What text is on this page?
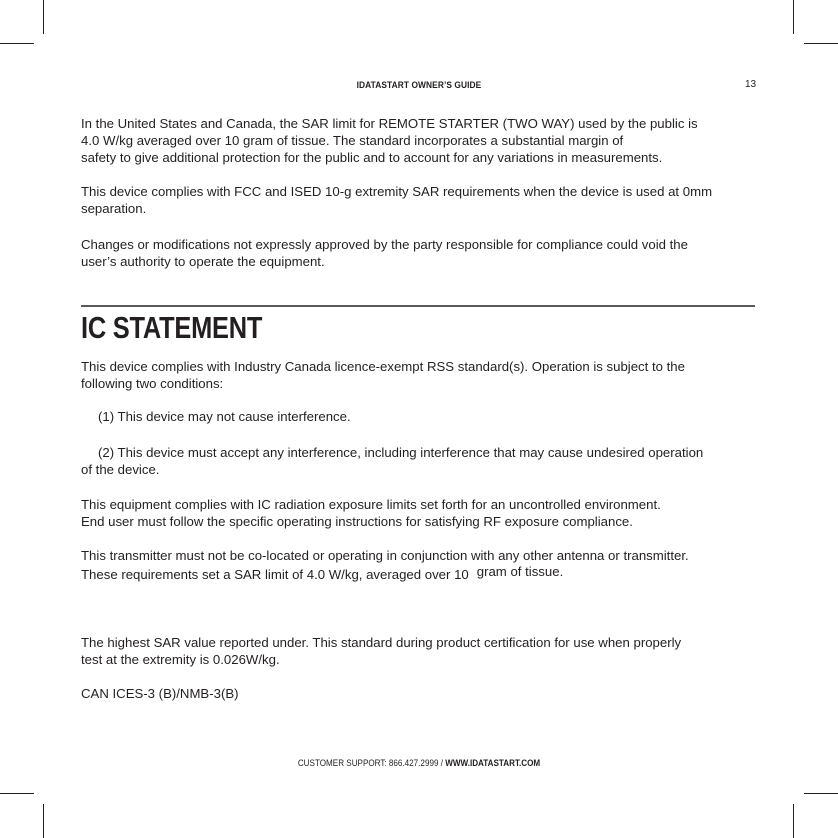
IDATASTART OWNER’S GUIDE	13

In the United States and Canada, the SAR limit for REMOTE STARTER (TWO WAY) used by the public is
4.0 W/kg averaged over 10 gram of tissue. The standard incorporates a substantial margin of
safety to give additional protection for the public and to account for any variations in measurements.

This device complies with FCC and ISED 10-g extremity SAR requirements when the device is used at 0mm
separation.

Changes or modifications not expressly approved by the party responsible for compliance could void the
user’s authority to operate the equipment.

IC STATEMENT

This device complies with Industry Canada licence-exempt RSS standard(s). Operation is subject to the
following two conditions:

(1) This device may not cause interference.

(2) This device must accept any interference, including interference that may cause undesired operation
of the device.

This equipment complies with IC radiation exposure limits set forth for an uncontrolled environment.
End user must follow the specific operating instructions for satisfying RF exposure compliance.

This transmitter must not be co-located or operating in conjunction with any other antenna or transmitter.
These requirements set a SAR limit of 4.0 W/kg, averaged over 10 gram of tissue.

The highest SAR value reported under. This standard during product certification for use when properly
test at the extremity is 0.026W/kg.

CAN ICES-3 (B)/NMB-3(B)

CUSTOMER SUPPORT: 866.427.2999 / WWW.IDATASTART.COM
